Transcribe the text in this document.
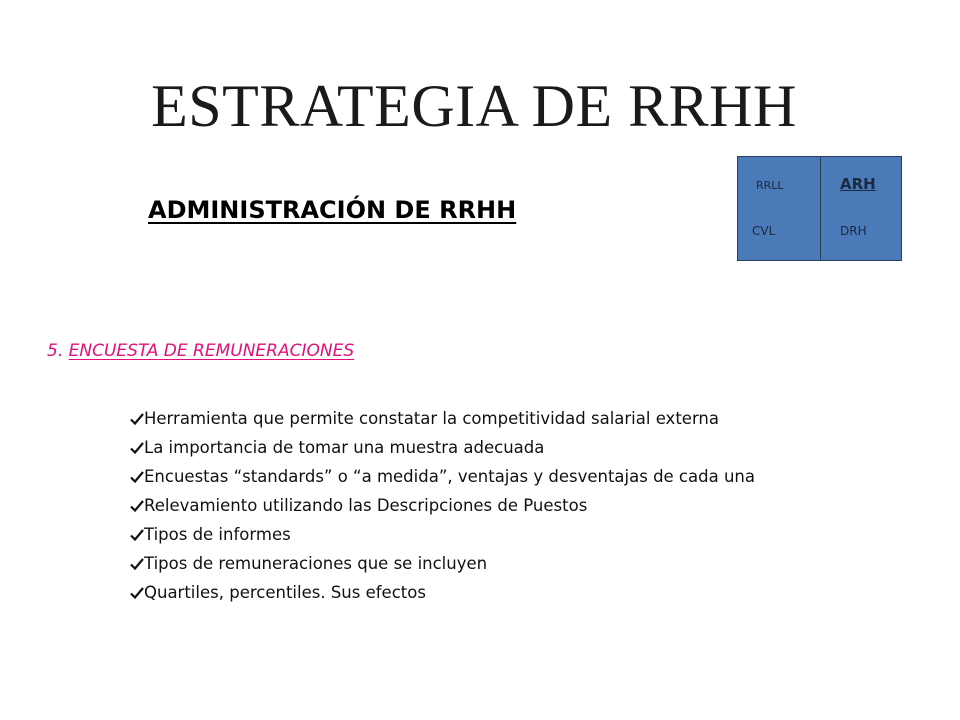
ESTRATEGIA DE RRHH
ADMINISTRACIÓN DE RRHH
RRLL	ARH
CVL	DRH

5. ENCUESTA DE REMUNERACIONES

Herramienta que permite constatar la competitividad salarial externa
La importancia de tomar una muestra adecuada
Encuestas “standards” o “a medida”, ventajas y desventajas de cada una
Relevamiento utilizando las Descripciones de Puestos
Tipos de informes
Tipos de remuneraciones que se incluyen
Quartiles, percentiles. Sus efectos
